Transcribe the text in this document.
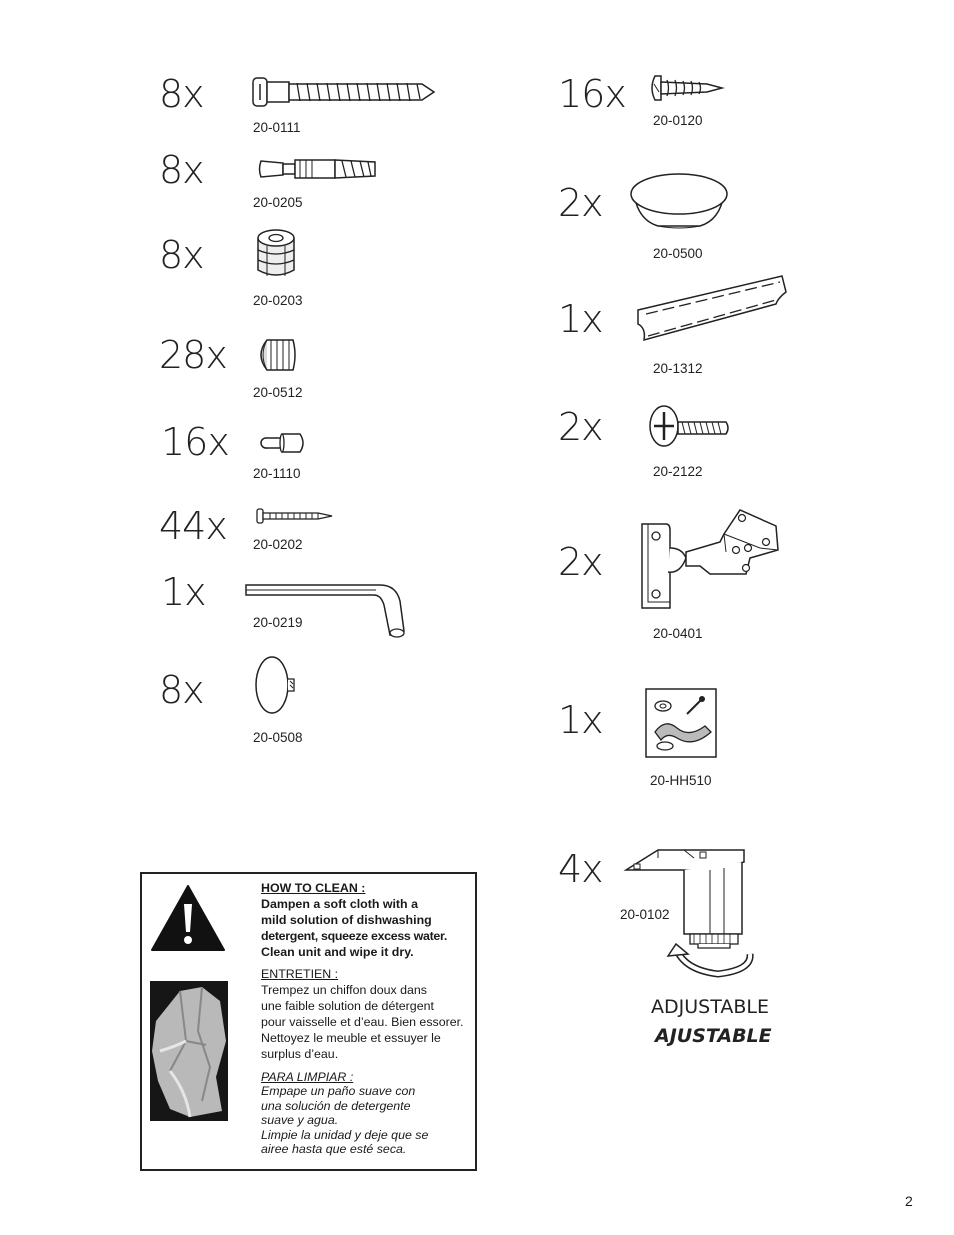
8x
20-0111
8x
20-0205
8x
20-0203
28x
20-0512
16x
20-1110
44x 20-0202
1x
20-0219
8x
20-0508
16x
20-0120
2x
20-0500
1x
20-1312
2x
20-2122
2x
20-0401
1x
20-HH510
4x
20-0102
ADJUSTABLE
AJUSTABLE
HOW TO CLEAN :
Dampen a soft cloth with a
mild solution of dishwashing
detergent, squeeze excess water.
Clean unit and wipe it dry.
ENTRETIEN :
Trempez un chiffon doux dans
une faible solution de détergent
pour vaisselle et d’eau. Bien essorer.
Nettoyez le meuble et essuyer le
surplus d’eau.
PARA LIMPIAR :
Empape un paño suave con
una solución de detergente
suave y agua.
Limpie la unidad y deje que se
airee hasta que esté seca.
2
